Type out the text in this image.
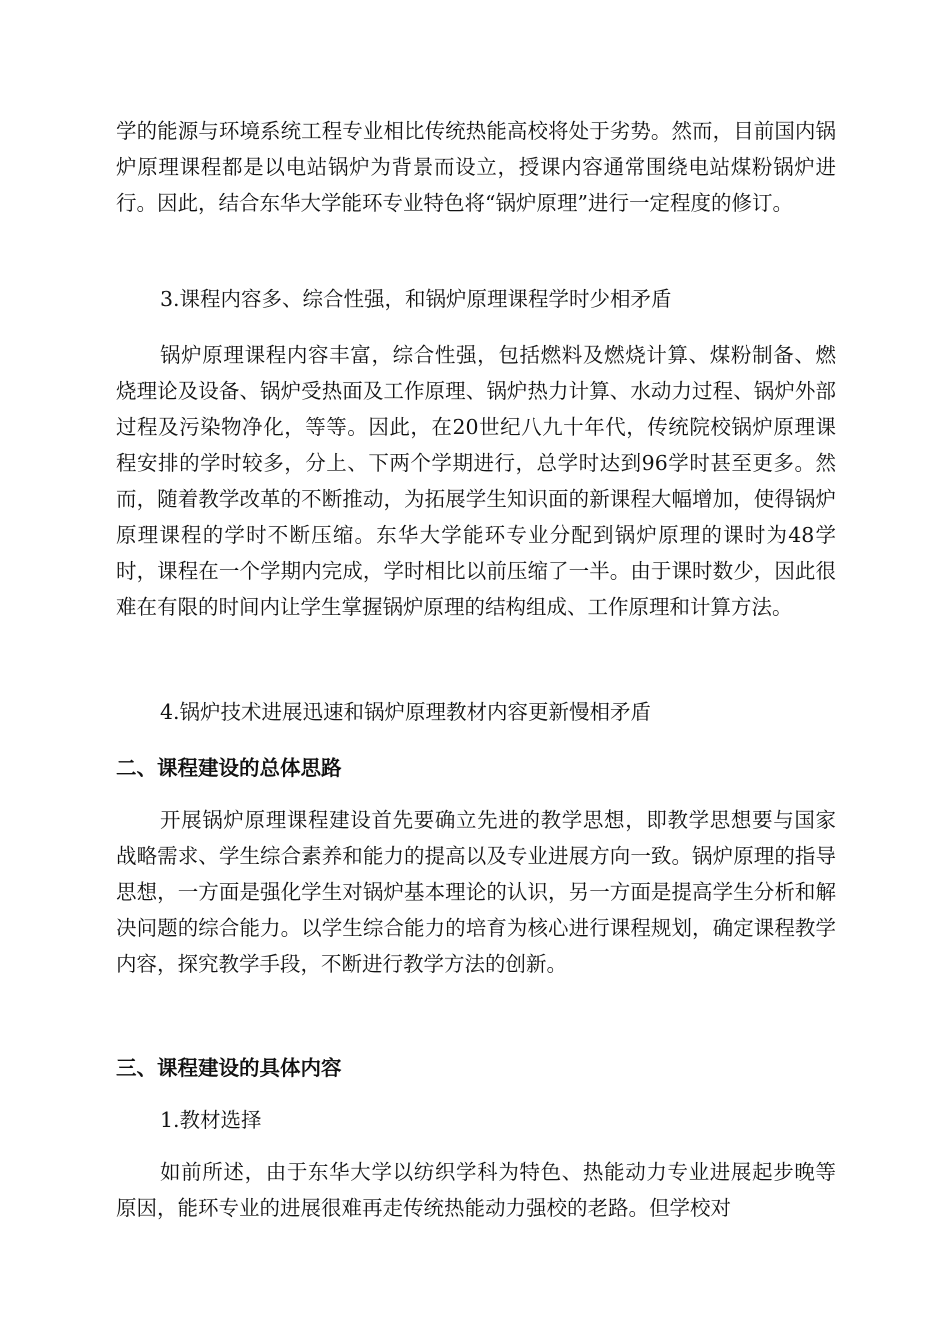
学的能源与环境系统工程专业相比传统热能高校将处于劣势。然而，目前国内锅炉原理课程都是以电站锅炉为背景而设立，授课内容通常围绕电站煤粉锅炉进行。因此，结合东华大学能环专业特色将“锅炉原理”进行一定程度的修订。

3.课程内容多、综合性强，和锅炉原理课程学时少相矛盾

锅炉原理课程内容丰富，综合性强，包括燃料及燃烧计算、煤粉制备、燃烧理论及设备、锅炉受热面及工作原理、锅炉热力计算、水动力过程、锅炉外部过程及污染物净化，等等。因此，在20世纪八九十年代，传统院校锅炉原理课程安排的学时较多，分上、下两个学期进行，总学时达到96学时甚至更多。然而，随着教学改革的不断推动，为拓展学生知识面的新课程大幅增加，使得锅炉原理课程的学时不断压缩。东华大学能环专业分配到锅炉原理的课时为48学时，课程在一个学期内完成，学时相比以前压缩了一半。由于课时数少，因此很难在有限的时间内让学生掌握锅炉原理的结构组成、工作原理和计算方法。

4.锅炉技术进展迅速和锅炉原理教材内容更新慢相矛盾

二、课程建设的总体思路

开展锅炉原理课程建设首先要确立先进的教学思想，即教学思想要与国家战略需求、学生综合素养和能力的提高以及专业进展方向一致。锅炉原理的指导思想，一方面是强化学生对锅炉基本理论的认识，另一方面是提高学生分析和解决问题的综合能力。以学生综合能力的培育为核心进行课程规划，确定课程教学内容，探究教学手段，不断进行教学方法的创新。

三、课程建设的具体内容

1.教材选择

如前所述，由于东华大学以纺织学科为特色、热能动力专业进展起步晚等原因，能环专业的进展很难再走传统热能动力强校的老路。但学校对
